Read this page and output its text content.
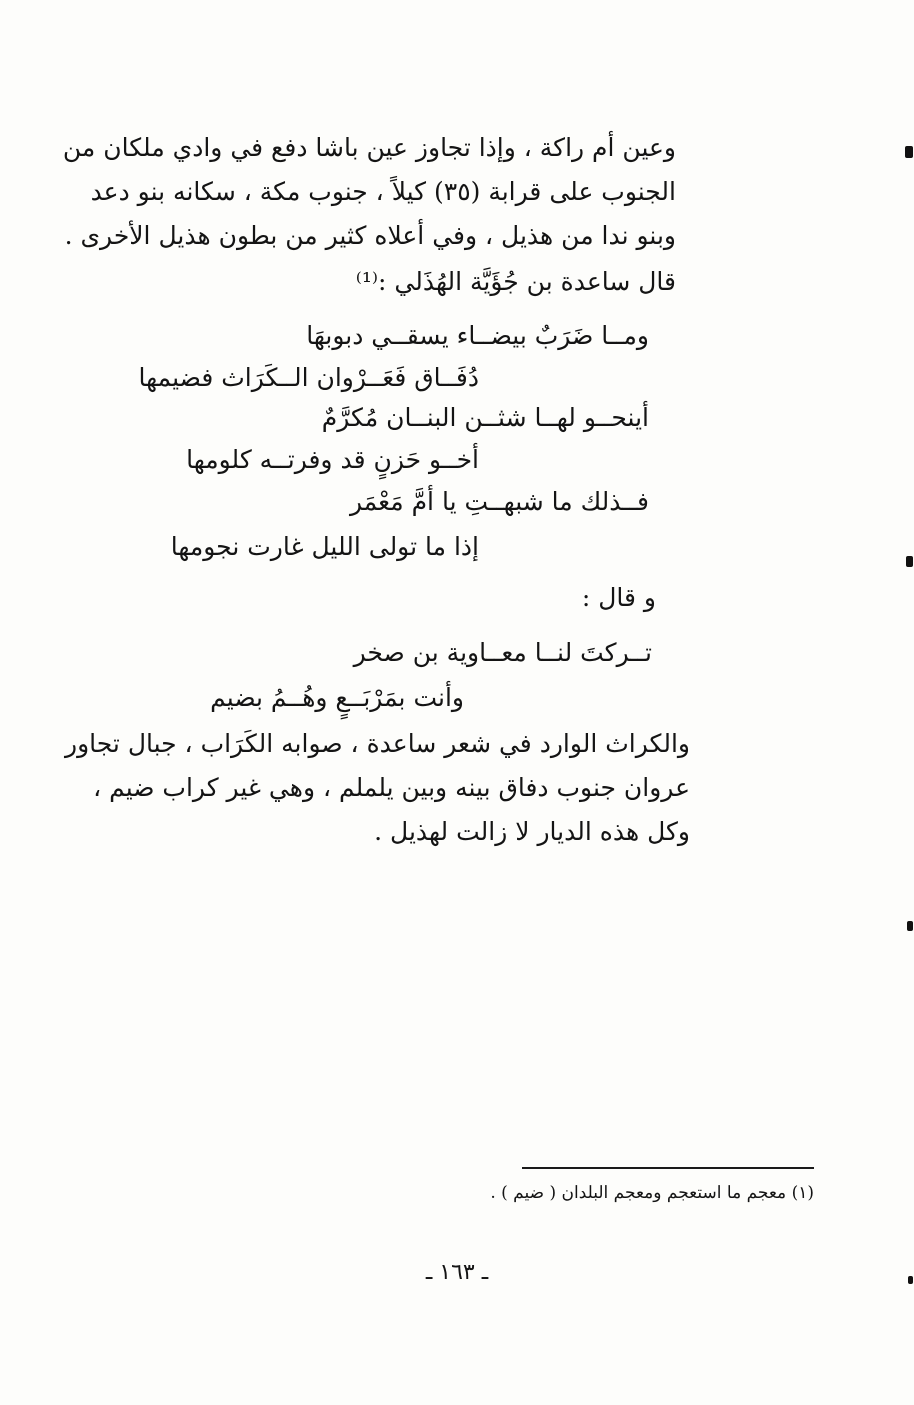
وعين أم راكة ، وإذا تجاوز عين باشا دفع في وادي ملكان من
الجنوب على قرابة (٣٥) كيلاً ، جنوب مكة ، سكانه بنو دعد
وبنو ندا من هذيل ، وفي أعلاه كثير من بطون هذيل الأخرى .
قال ساعدة بن جُؤَيَّة الهُذَلي :⁽¹⁾
ومــا ضَرَبٌ بيضــاء يسقــي دبوبهَا
دُفَــاق فَعَــرْوان الــكَرَاث فضيمها
أينحــو لهــا شثــن البنــان مُكرَّمٌ
أخــو حَزنٍ قد وفرتــه كلومها
فــذلك ما شبهــتِ يا أمَّ مَعْمَر
إذا ما تولى الليل غارت نجومها
و قال :
تــركتَ لنــا معــاوية بن صخر
وأنت بمَرْبَــعٍ وهُــمُ بضيم
والكراث الوارد في شعر ساعدة ، صوابه الكَرَاب ، جبال تجاور
عروان جنوب دفاق بينه وبين يلملم ، وهي غير كراب ضيم ،
وكل هذه الديار لا زالت لهذيل .
(١) معجم ما استعجم ومعجم البلدان ( ضيم ) .
ـ ١٦٣ ـ
